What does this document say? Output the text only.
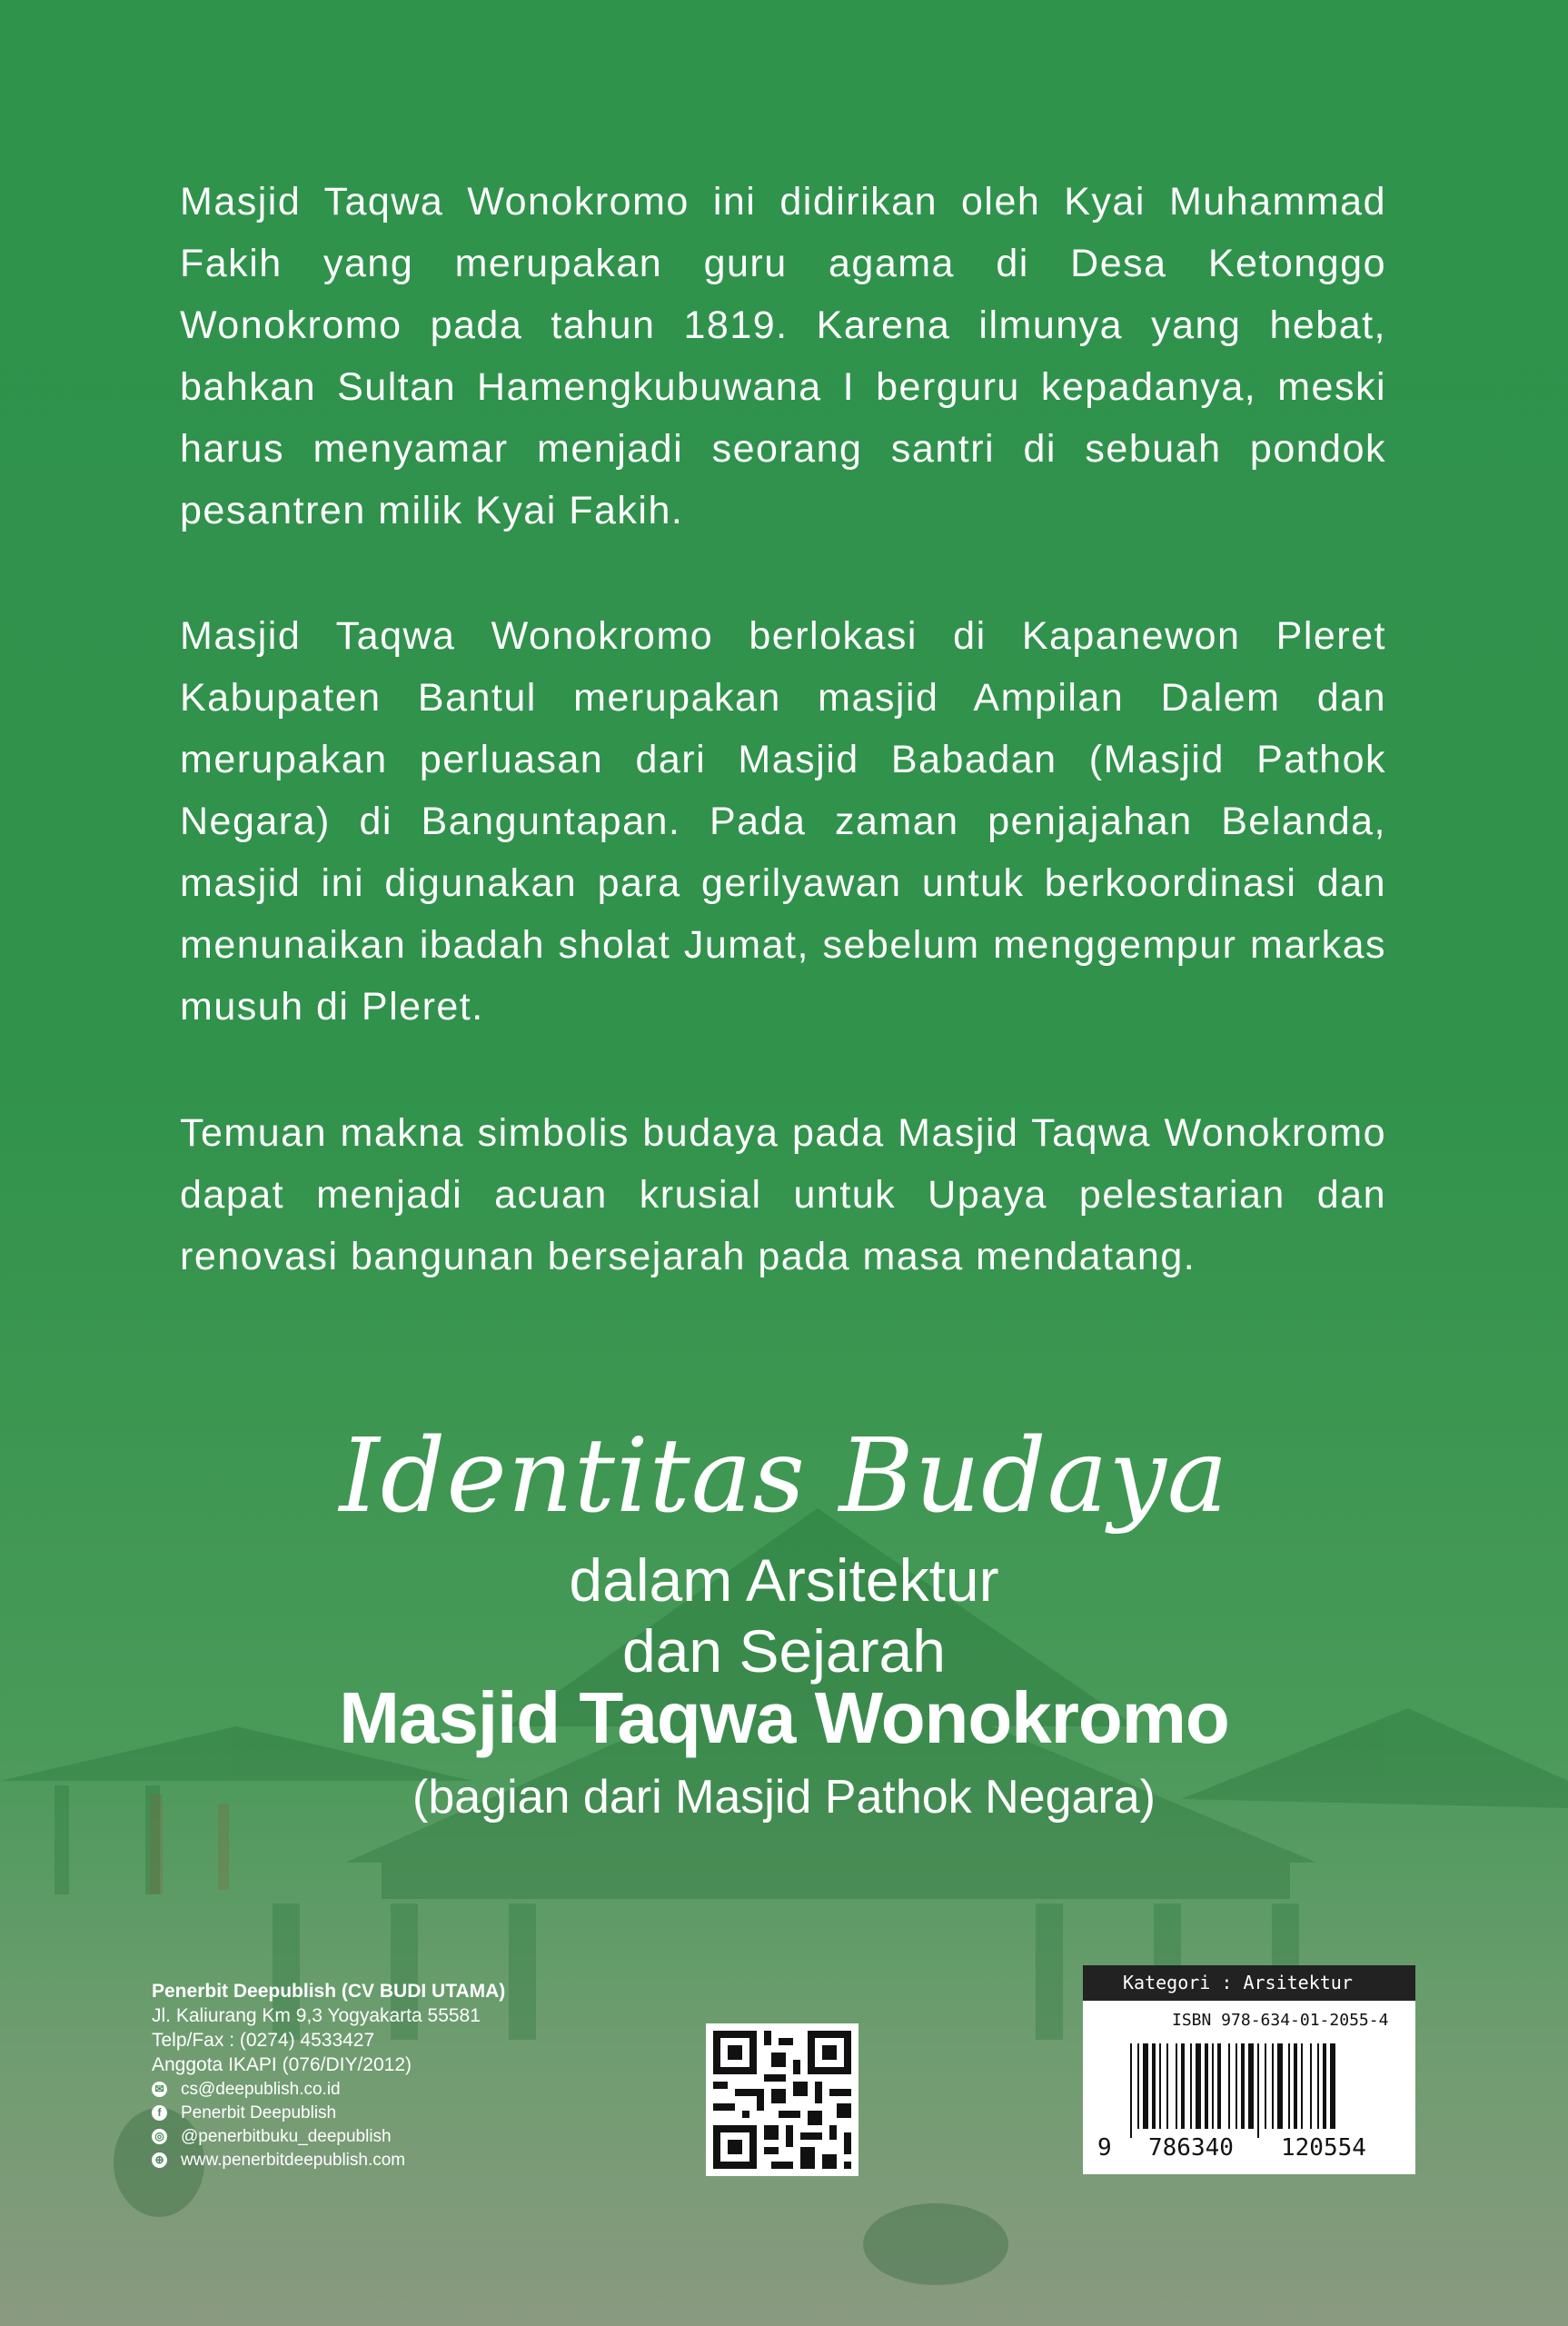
Masjid Taqwa Wonokromo ini didirikan oleh Kyai Muhammad Fakih yang merupakan guru agama di Desa Ketonggo Wonokromo pada tahun 1819. Karena ilmunya yang hebat, bahkan Sultan Hamengkubuwana I berguru kepadanya, meski harus menyamar menjadi seorang santri di sebuah pondok pesantren milik Kyai Fakih.

Masjid Taqwa Wonokromo berlokasi di Kapanewon Pleret Kabupaten Bantul merupakan masjid Ampilan Dalem dan merupakan perluasan dari Masjid Babadan (Masjid Pathok Negara) di Banguntapan. Pada zaman penjajahan Belanda, masjid ini digunakan para gerilyawan untuk berkoordinasi dan menunaikan ibadah sholat Jumat, sebelum menggempur markas musuh di Pleret.

Temuan makna simbolis budaya pada Masjid Taqwa Wonokromo dapat menjadi acuan krusial untuk Upaya pelestarian dan renovasi bangunan bersejarah pada masa mendatang.

Identitas Budaya
dalam Arsitektur
dan Sejarah
Masjid Taqwa Wonokromo
(bagian dari Masjid Pathok Negara)
Penerbit Deepublish (CV BUDI UTAMA)
Jl. Kaliurang Km 9,3 Yogyakarta 55581
Telp/Fax : (0274) 4533427
Anggota IKAPI (076/DIY/2012)
✉ cs@deepublish.co.id
f	Penerbit Deepublish
◎ @penerbitbuku_deepublish
⊕ www.penerbitdeepublish.com
Kategori : Arsitektur
ISBN 978-634-01-2055-4
9 786340 120554
